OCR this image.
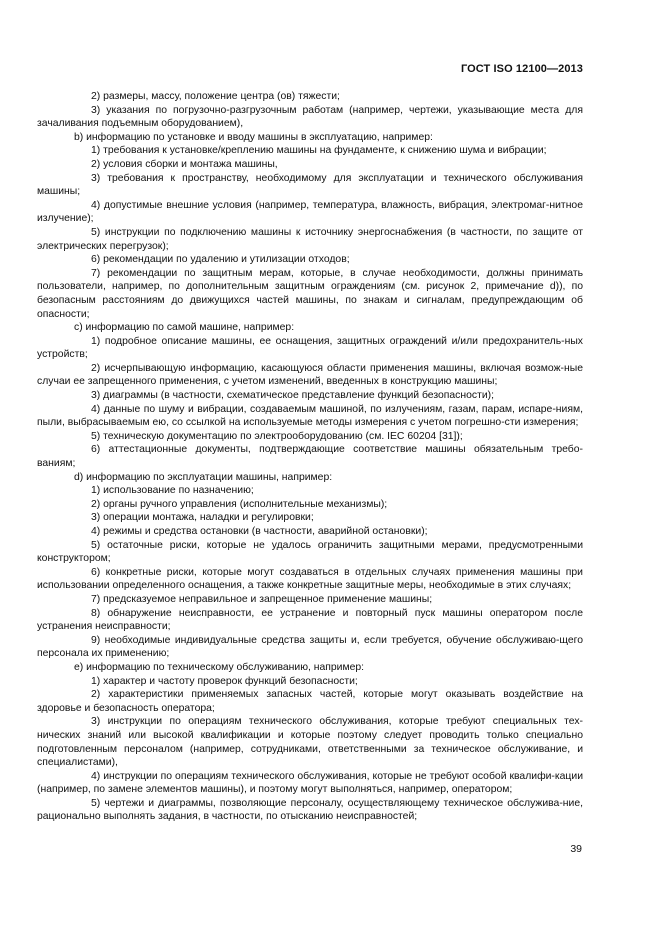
ГОСТ ISO 12100—2013

2) размеры, массу, положение центра (ов) тяжести;

3) указания по погрузочно-разгрузочным работам (например, чертежи, указывающие места для зачаливания подъемным оборудованием),

b) информацию по установке и вводу машины в эксплуатацию, например:

1) требования к установке/креплению машины на фундаменте, к снижению шума и вибрации;

2) условия сборки и монтажа машины,

3) требования к пространству, необходимому для эксплуатации и технического обслуживания машины;

4) допустимые внешние условия (например, температура, влажность, вибрация, электромаг-нитное излучение);

5) инструкции по подключению машины к источнику энергоснабжения (в частности, по защите от электрических перегрузок);

6) рекомендации по удалению и утилизации отходов;

7) рекомендации по защитным мерам, которые, в случае необходимости, должны принимать пользователи, например, по дополнительным защитным ограждениям (см. рисунок 2, примечание d)), по безопасным расстояниям до движущихся частей машины, по знакам и сигналам, предупреждающим об опасности;

c) информацию по самой машине, например:

1) подробное описание машины, ее оснащения, защитных ограждений и/или предохранитель-ных устройств;

2) исчерпывающую информацию, касающуюся области применения машины, включая возмож-ные случаи ее запрещенного применения, с учетом изменений, введенных в конструкцию машины;

3) диаграммы (в частности, схематическое представление функций безопасности);

4) данные по шуму и вибрации, создаваемым машиной, по излучениям, газам, парам, испаре-ниям, пыли, выбрасываемым ею, со ссылкой на используемые методы измерения с учетом погрешно-сти измерения;

5) техническую документацию по электрооборудованию (см. IEC 60204 [31]);

6) аттестационные документы, подтверждающие соответствие машины обязательным требо-ваниям;

d) информацию по эксплуатации машины, например:

1) использование по назначению;

2) органы ручного управления (исполнительные механизмы);

3) операции монтажа, наладки и регулировки;

4) режимы и средства остановки (в частности, аварийной остановки);

5) остаточные риски, которые не удалось ограничить защитными мерами, предусмотренными конструктором;

6) конкретные риски, которые могут создаваться в отдельных случаях применения машины при использовании определенного оснащения, а также конкретные защитные меры, необходимые в этих случаях;

7) предсказуемое неправильное и запрещенное применение машины;

8) обнаружение неисправности, ее устранение и повторный пуск машины оператором после устранения неисправности;

9) необходимые индивидуальные средства защиты и, если требуется, обучение обслуживаю-щего персонала их применению;

e) информацию по техническому обслуживанию, например:

1) характер и частоту проверок функций безопасности;

2) характеристики применяемых запасных частей, которые могут оказывать воздействие на здоровье и безопасность оператора;

3) инструкции по операциям технического обслуживания, которые требуют специальных тех-нических знаний или высокой квалификации и которые поэтому следует проводить только специально подготовленным персоналом (например, сотрудниками, ответственными за техническое обслуживание, и специалистами),

4) инструкции по операциям технического обслуживания, которые не требуют особой квалифи-кации (например, по замене элементов машины), и поэтому могут выполняться, например, оператором;

5) чертежи и диаграммы, позволяющие персоналу, осуществляющему техническое обслужива-ние, рационально выполнять задания, в частности, по отысканию неисправностей;

39
